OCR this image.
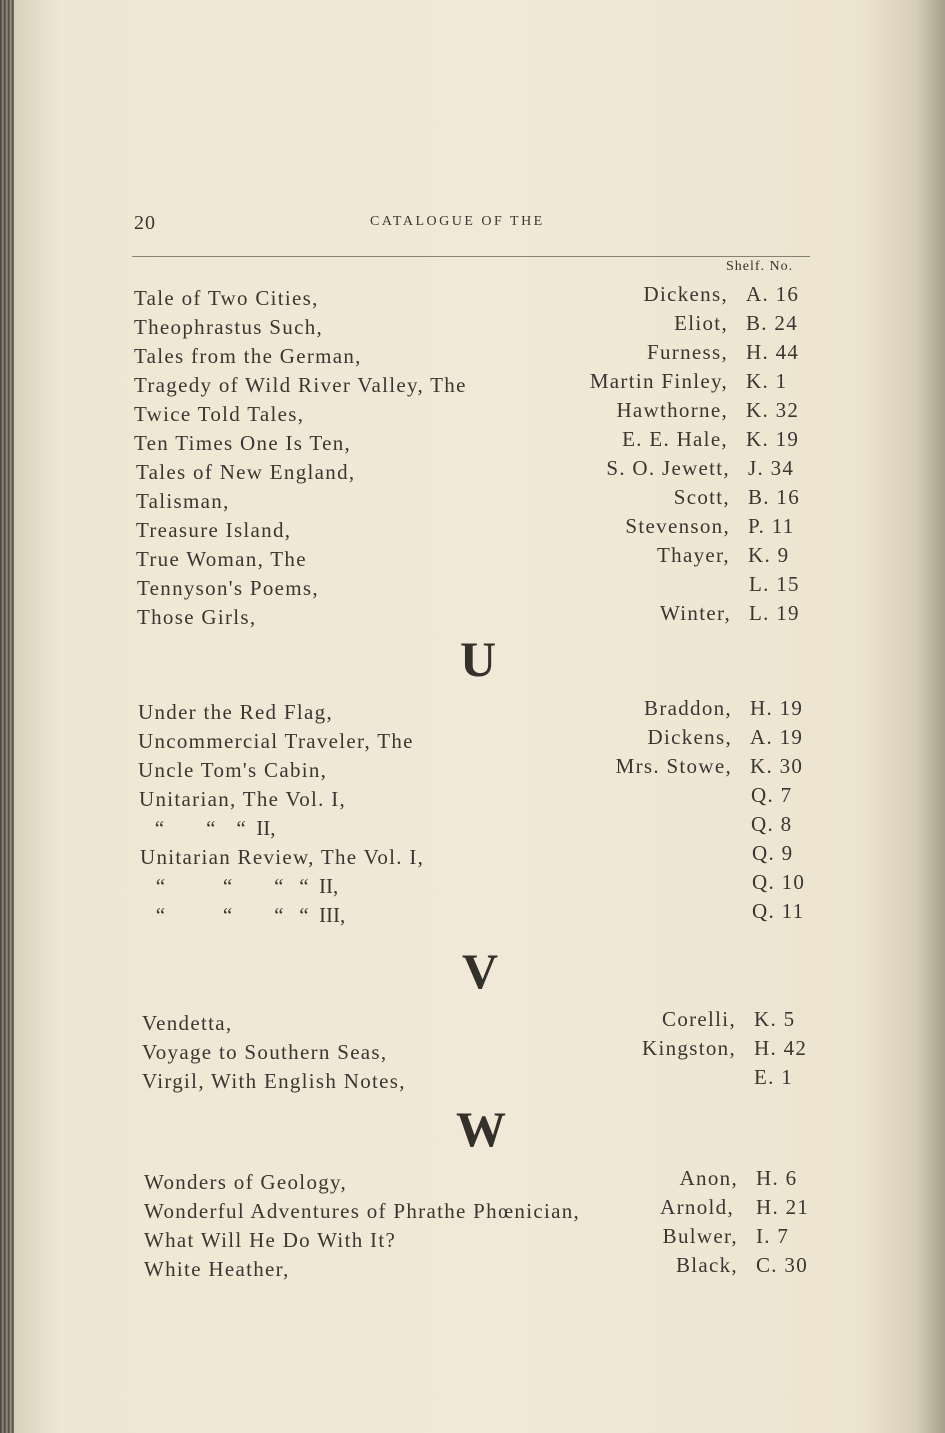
20	CATALOGUE OF THE
Shelf. No.
Tale of Two Cities,	Dickens, A. 16
Theophrastus Such,	Eliot, B. 24
Tales from the German,	Furness, H. 44
Tragedy of Wild River Valley, The	Martin Finley, K. 1
Twice Told Tales,	Hawthorne, K. 32
Ten Times One Is Ten,	E. E. Hale, K. 19
Tales of New England,	S. O. Jewett, J. 34
Talisman,	Scott, B. 16
Treasure Island,	Stevenson, P. 11
True Woman, The	Thayer, K. 9
Tennyson's Poems,	L. 15
Those Girls,	Winter, L. 19
U
Under the Red Flag,	Braddon, H. 19
Uncommercial Traveler, The	Dickens, A. 19
Uncle Tom's Cabin,	Mrs. Stowe, K. 30
Unitarian, The Vol. I,	Q. 7
“        “    “  II,	Q. 8
Unitarian Review, The Vol. I,	Q. 9
“           “        “   “  II,	Q. 10
“           “        “   “  III,	Q. 11
V
Vendetta,	Corelli, K. 5
Voyage to Southern Seas,	Kingston, H. 42
Virgil, With English Notes,	E. 1
W
Wonders of Geology,	Anon, H. 6
Wonderful Adventures of Phrathe Phœnician,	Arnold, H. 21
What Will He Do With It?	Bulwer, I. 7
White Heather,	Black, C. 30
